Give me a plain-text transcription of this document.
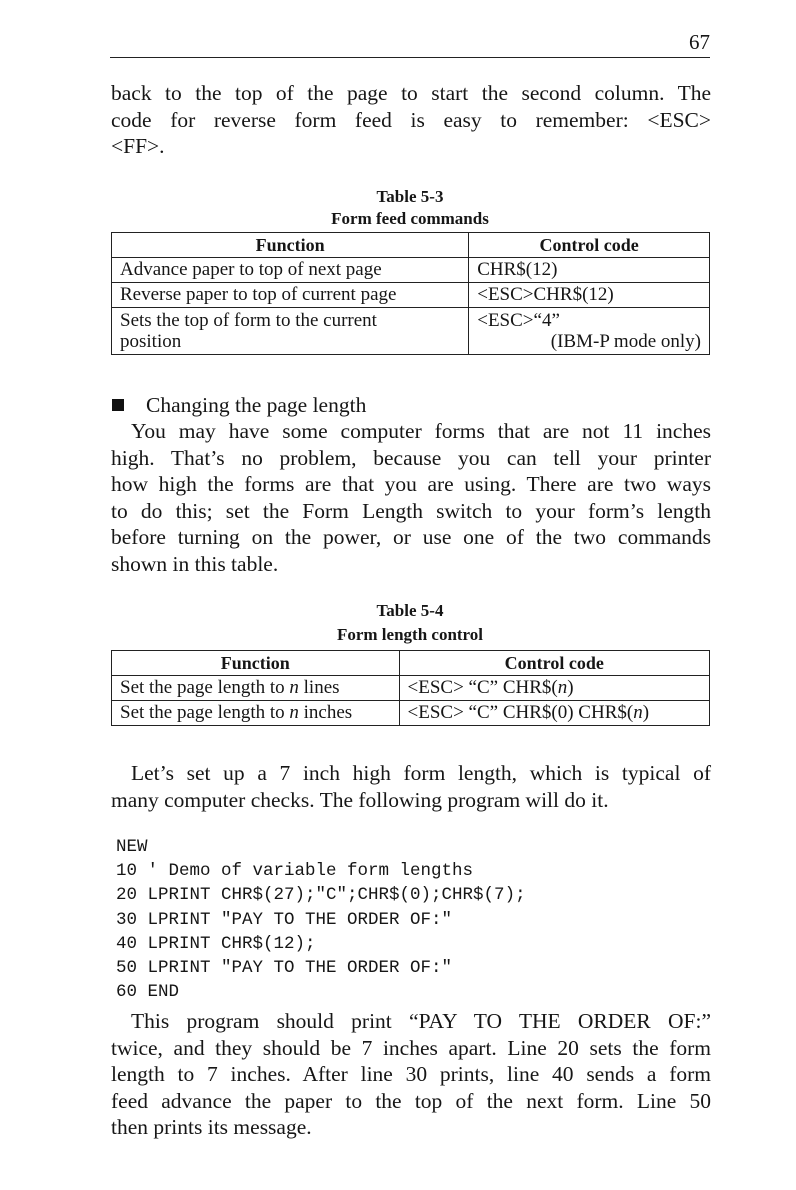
67

back to the top of the page to start the second column. The
code for reverse form feed is easy to remember: <ESC>
<FF>.

Table 5-3
Form feed commands
Function	Control code
Advance paper to top of next page	CHR$(12)
Reverse paper to top of current page	<ESC>CHR$(12)
Sets the top of form to the current
position	<ESC>“4”

(IBM-P mode only)
Changing the page length

You may have some computer forms that are not 11 inches
high. That’s no problem, because you can tell your printer
how high the forms are that you are using. There are two ways
to do this; set the Form Length switch to your form’s length
before turning on the power, or use one of the two commands
shown in this table.

Table 5-4
Form length control
Function	Control code
Set the page length to n lines	<ESC> “C” CHR$(n)
Set the page length to n inches	<ESC> “C” CHR$(0) CHR$(n)

Let’s set up a 7 inch high form length, which is typical of
many computer checks. The following program will do it.

NEW
10 ' Demo of variable form lengths
20 LPRINT CHR$(27);"C";CHR$(0);CHR$(7);
30 LPRINT "PAY TO THE ORDER OF:"
40 LPRINT CHR$(12);
50 LPRINT "PAY TO THE ORDER OF:"
60 END

This program should print “PAY TO THE ORDER OF:”
twice, and they should be 7 inches apart. Line 20 sets the form
length to 7 inches. After line 30 prints, line 40 sends a form
feed advance the paper to the top of the next form. Line 50
then prints its message.
